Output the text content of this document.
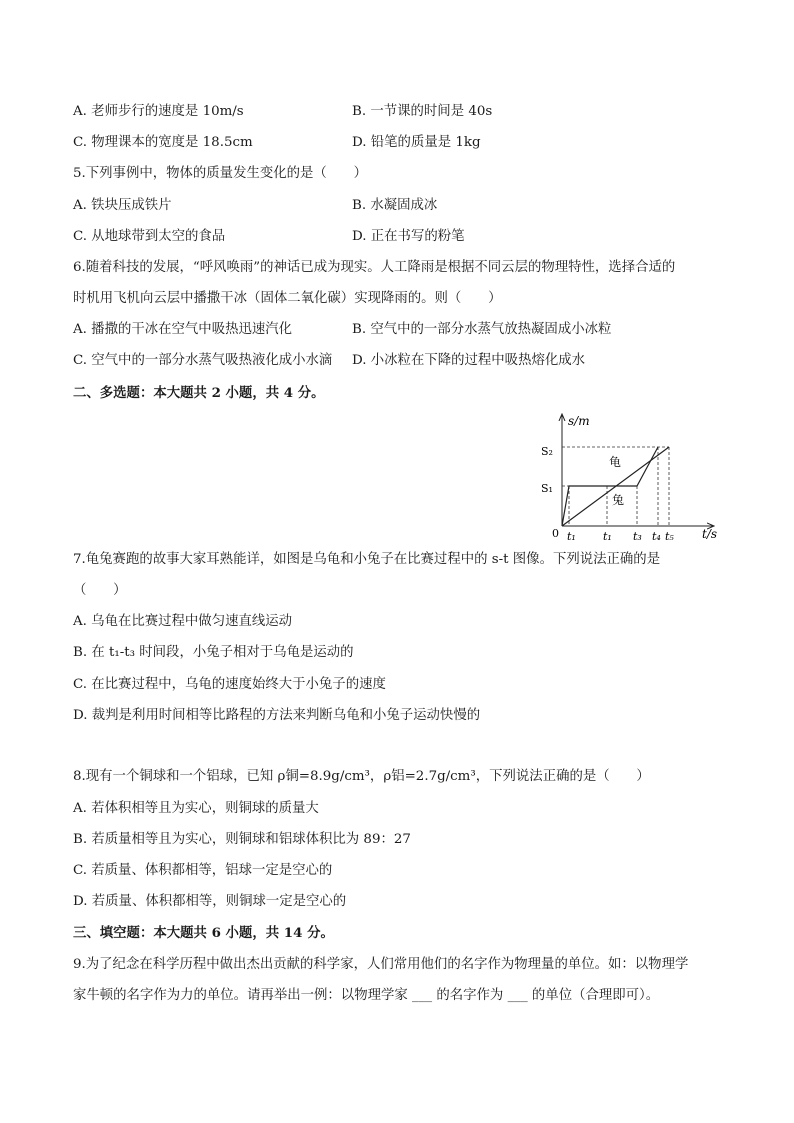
A. 老师步行的速度是 10m/s	B. 一节课的时间是 40s
C. 物理课本的宽度是 18.5cm	D. 铅笔的质量是 1kg
5.下列事例中，物体的质量发生变化的是（　　）
A. 铁块压成铁片	B. 水凝固成冰
C. 从地球带到太空的食品	D. 正在书写的粉笔
6.随着科技的发展，“呼风唤雨”的神话已成为现实。人工降雨是根据不同云层的物理特性，选择合适的
时机用飞机向云层中播撒干冰（固体二氧化碳）实现降雨的。则（　　）
A. 播撒的干冰在空气中吸热迅速汽化	B. 空气中的一部分水蒸气放热凝固成小冰粒
C. 空气中的一部分水蒸气吸热液化成小水滴 D. 小冰粒在下降的过程中吸热熔化成水
二、多选题：本大题共 2 小题，共 4 分。
s/m
t/s
S₂
S₁
0
龟
兔
t₁ t₁ t₃ t₄ t₅
7.龟兔赛跑的故事大家耳熟能详，如图是乌龟和小兔子在比赛过程中的 s-t 图像。下列说法正确的是
（　　）
A. 乌龟在比赛过程中做匀速直线运动
B. 在 t₁-t₃ 时间段，小兔子相对于乌龟是运动的
C. 在比赛过程中，乌龟的速度始终大于小兔子的速度
D. 裁判是利用时间相等比路程的方法来判断乌龟和小兔子运动快慢的
8.现有一个铜球和一个铝球，已知 ρ铜=8.9g/cm³，ρ铝=2.7g/cm³，下列说法正确的是（　　）
A. 若体积相等且为实心，则铜球的质量大
B. 若质量相等且为实心，则铜球和铝球体积比为 89：27
C. 若质量、体积都相等，铝球一定是空心的
D. 若质量、体积都相等，则铜球一定是空心的
三、填空题：本大题共 6 小题，共 14 分。
9.为了纪念在科学历程中做出杰出贡献的科学家，人们常用他们的名字作为物理量的单位。如：以物理学
家牛顿的名字作为力的单位。请再举出一例：以物理学家 ___ 的名字作为 ___ 的单位（合理即可）。
